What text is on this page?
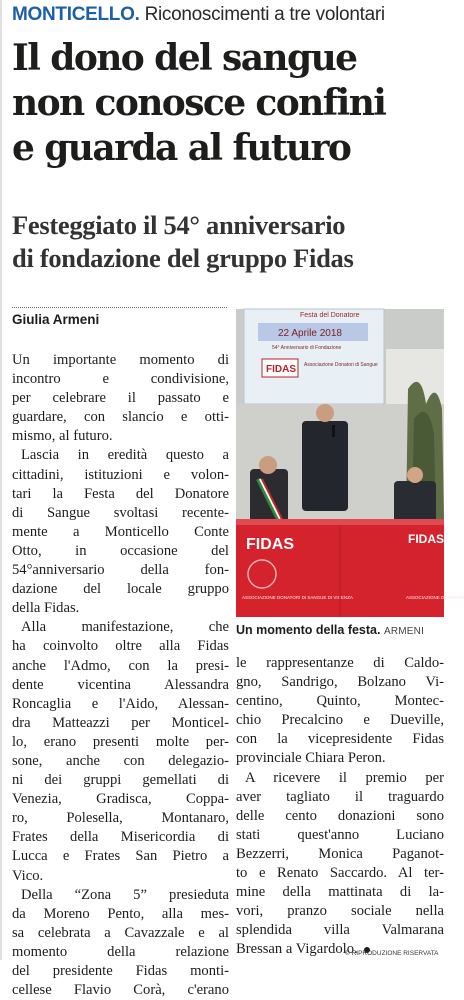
MONTICELLO. Riconoscimenti a tre volontari
Il dono del sangue
non conosce confini
e guarda al futuro
Festeggiato il 54° anniversario
di fondazione del gruppo Fidas
Giulia Armeni
Un importante momento di
incontro e condivisione,
per celebrare il passato e
guardare, con slancio e otti-
mismo, al futuro.
Lascia in eredità questo a
cittadini, istituzioni e volon-
tari la Festa del Donatore
di Sangue svoltasi recente-
mente a Monticello Conte
Otto, in occasione del
54°anniversario della fon-
dazione del locale gruppo
della Fidas.
Alla manifestazione, che
ha coinvolto oltre alla Fidas
anche l'Admo, con la presi-
dente vicentina Alessandra
Roncaglia e l'Aido, Alessan-
dra Matteazzi per Monticel-
lo, erano presenti molte per-
sone, anche con delegazio-
ni dei gruppi gemellati di
Venezia, Gradisca, Coppa-
ro, Polesella, Montanaro,
Frates della Misericordia di
Lucca e Frates San Pietro a
Vico.
Della “Zona 5” presieduta
da Moreno Pento, alla mes-
sa celebrata a Cavazzale e al
momento della relazione
del presidente Fidas monti-
cellese Flavio Corà, c'erano
Festa del Donatore
22 Aprile 2018
54° Anniversario di Fondazione
FIDAS Associazione Donatori di Sangue
FIDAS	FIDAS
ASSOCIAZIONE DONATORI DI SANGUE DI VICENZA	ASSOCIAZIONE DONATORI
Un momento della festa. ARMENI
le rappresentanze di Caldo-
gno, Sandrigo, Bolzano Vi-
centino, Quinto, Montec-
chio Precalcino e Dueville,
con la vicepresidente Fidas
provinciale Chiara Peron.
A ricevere il premio per
aver tagliato il traguardo
delle cento donazioni sono
stati quest'anno Luciano
Bezzerri, Monica Paganot-
to e Renato Saccardo. Al ter-
mine della mattinata di la-
vori, pranzo sociale nella
splendida villa Valmarana
Bressan a Vigardolo.
© RIPRODUZIONE RISERVATA
